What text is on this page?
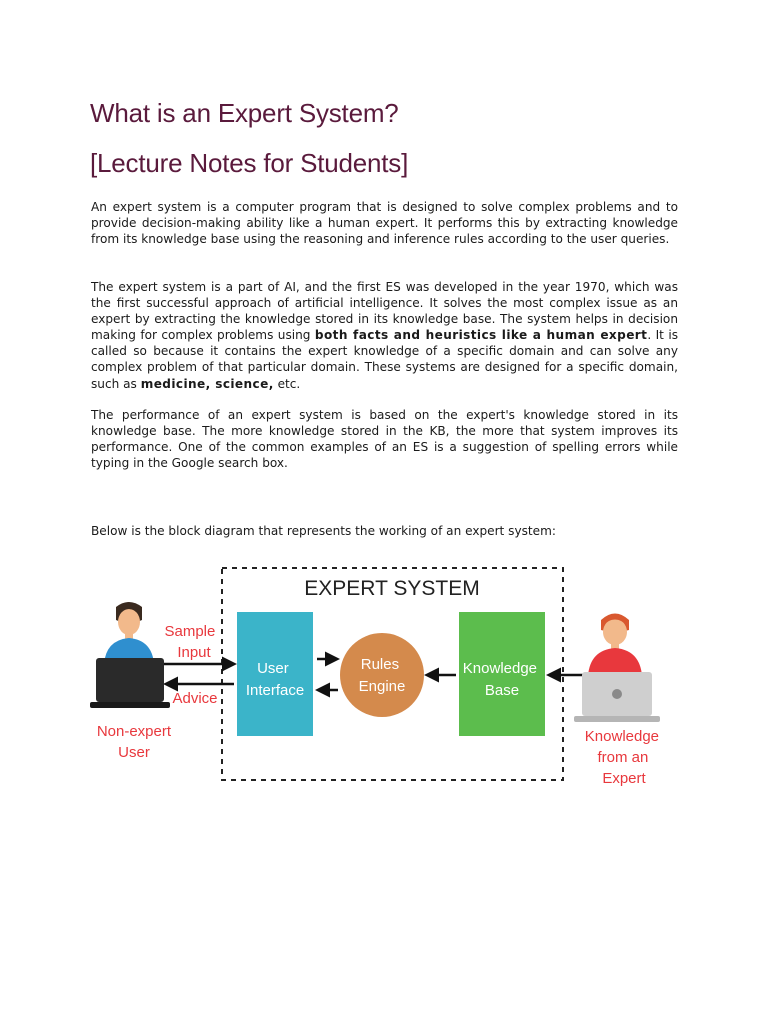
What is an Expert System?
[Lecture Notes for Students]

An expert system is a computer program that is designed to solve complex problems and to provide decision-making ability like a human expert. It performs this by extracting knowledge from its knowledge base using the reasoning and inference rules according to the user queries.

The expert system is a part of AI, and the first ES was developed in the year 1970, which was the first successful approach of artificial intelligence. It solves the most complex issue as an expert by extracting the knowledge stored in its knowledge base. The system helps in decision making for complex problems using both facts and heuristics like a human expert. It is called so because it contains the expert knowledge of a specific domain and can solve any complex problem of that particular domain. These systems are designed for a specific domain, such as medicine, science, etc.

The performance of an expert system is based on the expert's knowledge stored in its knowledge base. The more knowledge stored in the KB, the more that system improves its performance. One of the common examples of an ES is a suggestion of spelling errors while typing in the Google search box.

Below is the block diagram that represents the working of an expert system:

EXPERT SYSTEM
User Interface
Rules Engine
Knowledge Base
Sample Input
Advice
Non-expert User
Knowledge from an Expert
